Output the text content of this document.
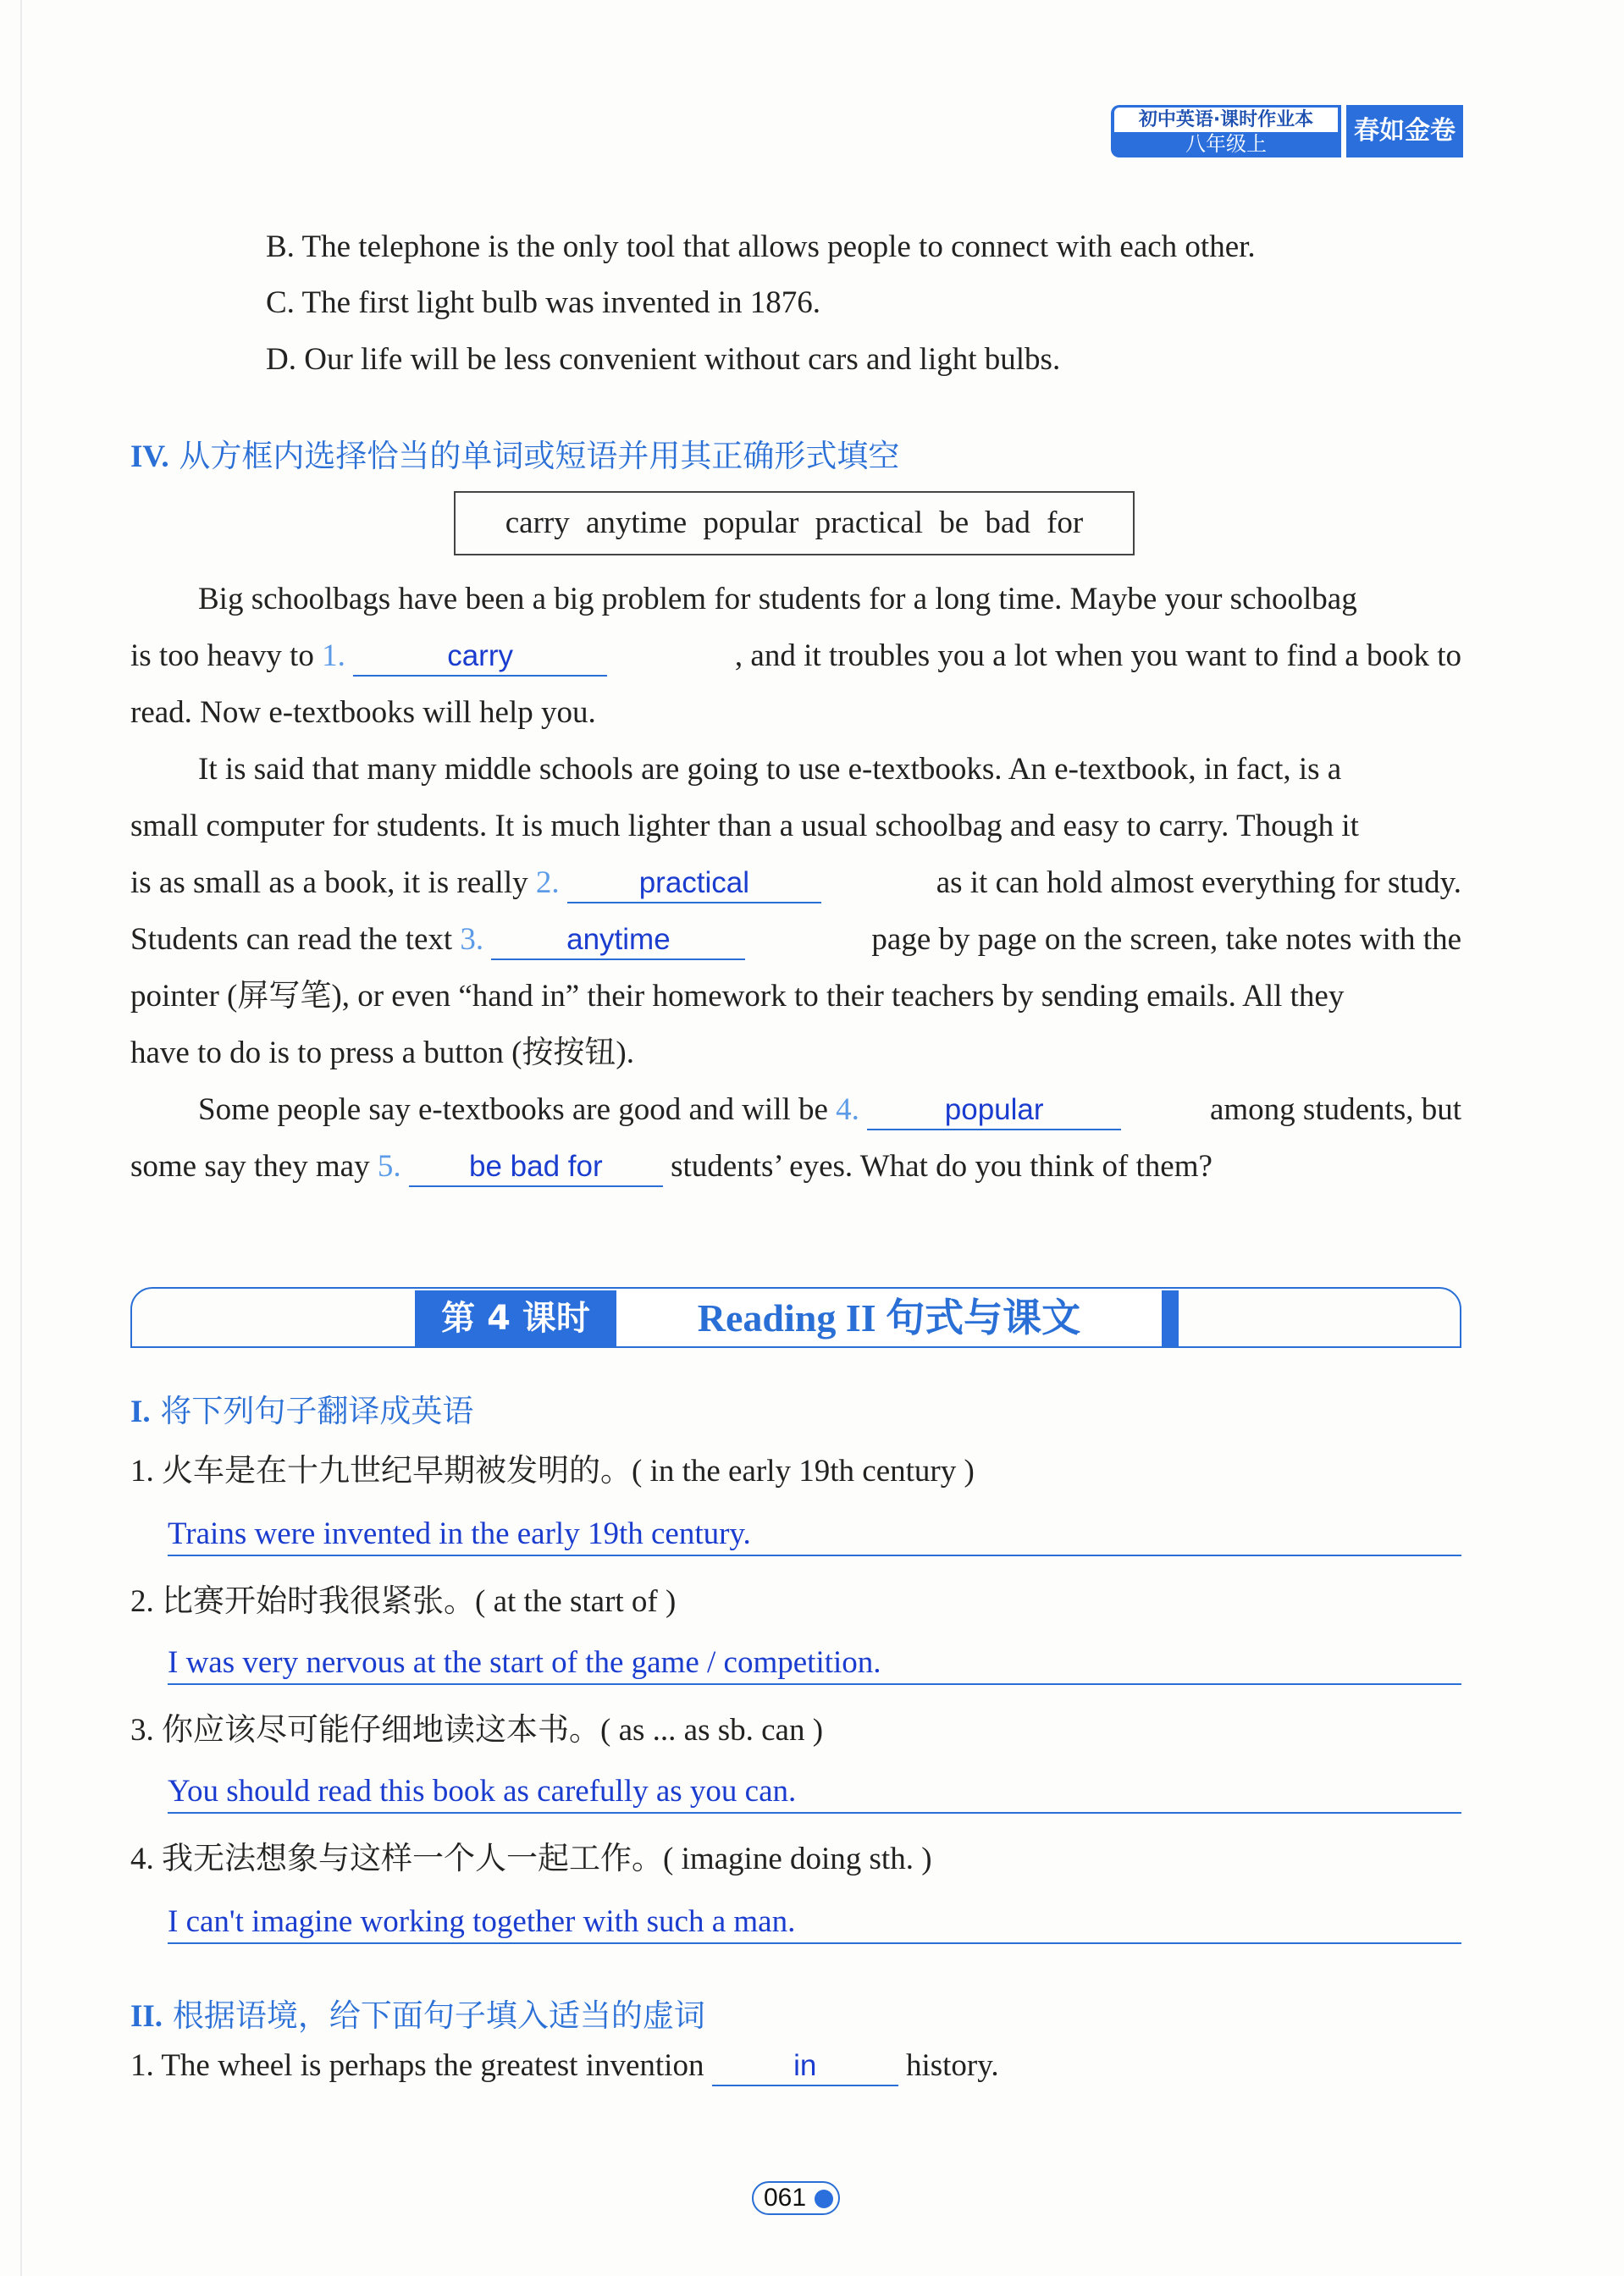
初中英语·课时作业本
八年级上	春如金卷
B. The telephone is the only tool that allows people to connect with each other.
C. The first light bulb was invented in 1876.
D. Our life will be less convenient without cars and light bulbs.
IV. 从方框内选择恰当的单词或短语并用其正确形式填空
carry anytime popular practical be bad for
Big schoolbags have been a big problem for students for a long time. Maybe your schoolbag
is too heavy to 1.	carry	, and it troubles you a lot when you want to find a book to
read. Now e-textbooks will help you.
It is said that many middle schools are going to use e-textbooks. An e-textbook, in fact, is a
small computer for students. It is much lighter than a usual schoolbag and easy to carry. Though it
is as small as a book, it is really 2.	practical	as it can hold almost everything for study.
Students can read the text 3.	anytime	page by page on the screen, take notes with the
pointer (屏写笔), or even “hand in” their homework to their teachers by sending emails. All they
have to do is to press a button (按按钮).
Some people say e-textbooks are good and will be 4.	popular	among students, but
some say they may 5. be bad for students’ eyes. What do you think of them?
第 4 课时	Reading II 句式与课文
I. 将下列句子翻译成英语
1. 火车是在十九世纪早期被发明的。( in the early 19th century )
Trains were invented in the early 19th century.
2. 比赛开始时我很紧张。( at the start of )
I was very nervous at the start of the game / competition.
3. 你应该尽可能仔细地读这本书。( as ... as sb. can )
You should read this book as carefully as you can.
4. 我无法想象与这样一个人一起工作。( imagine doing sth. )
I can't imagine working together with such a man.
II. 根据语境，给下面句子填入适当的虚词
1. The wheel is perhaps the greatest invention	in	history.
061
